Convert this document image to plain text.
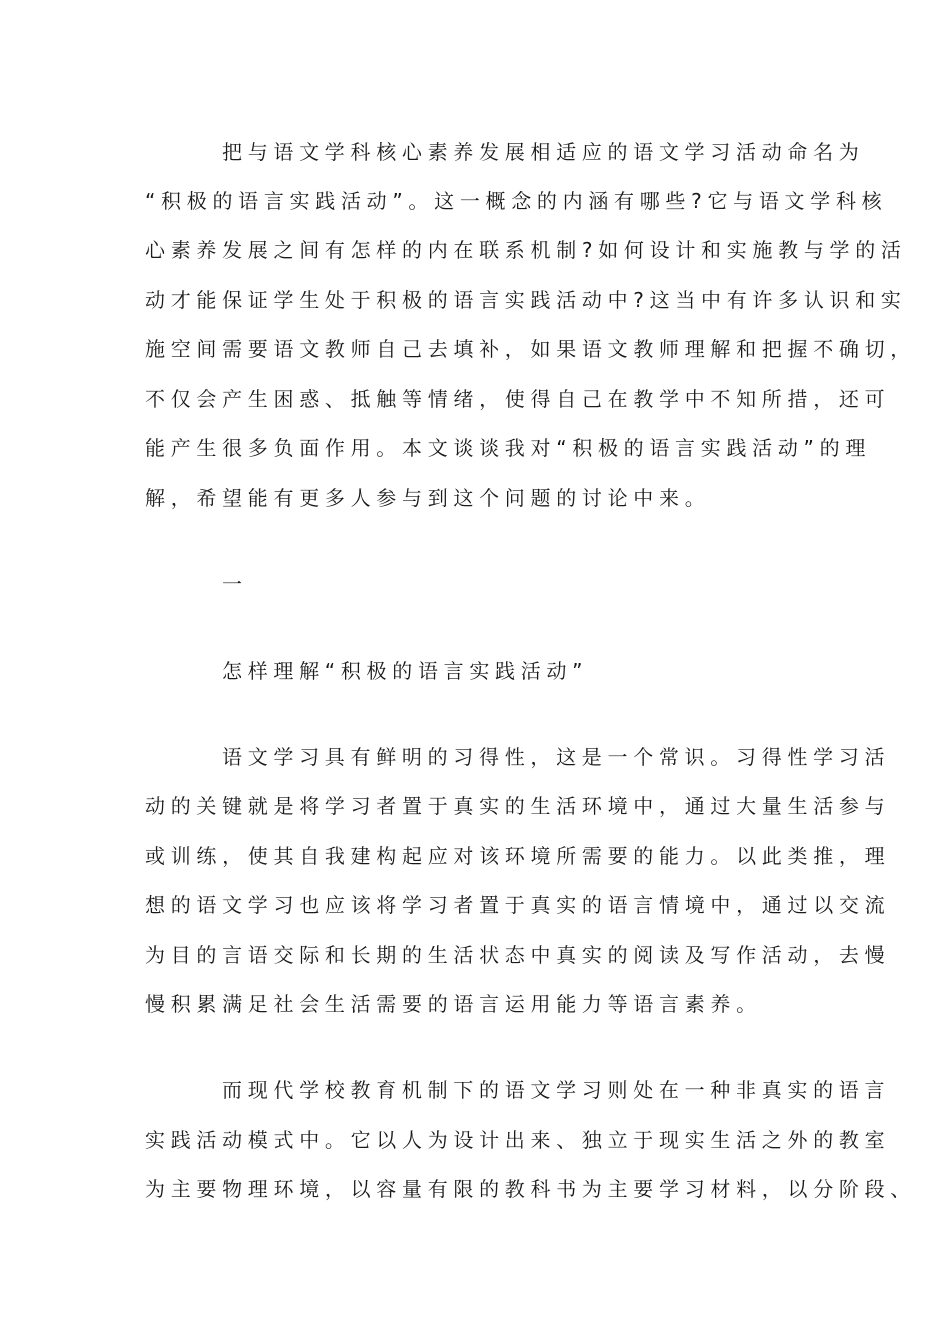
把与语文学科核心素养发展相适应的语文学习活动命名为
“积极的语言实践活动”。这一概念的内涵有哪些?它与语文学科核
心素养发展之间有怎样的内在联系机制?如何设计和实施教与学的活
动才能保证学生处于积极的语言实践活动中?这当中有许多认识和实
施空间需要语文教师自己去填补，如果语文教师理解和把握不确切，
不仅会产生困惑、抵触等情绪，使得自己在教学中不知所措，还可
能产生很多负面作用。本文谈谈我对“积极的语言实践活动”的理
解，希望能有更多人参与到这个问题的讨论中来。
一
怎样理解“积极的语言实践活动”
语文学习具有鲜明的习得性，这是一个常识。习得性学习活
动的关键就是将学习者置于真实的生活环境中，通过大量生活参与
或训练，使其自我建构起应对该环境所需要的能力。以此类推，理
想的语文学习也应该将学习者置于真实的语言情境中，通过以交流
为目的言语交际和长期的生活状态中真实的阅读及写作活动，去慢
慢积累满足社会生活需要的语言运用能力等语言素养。
而现代学校教育机制下的语文学习则处在一种非真实的语言
实践活动模式中。它以人为设计出来、独立于现实生活之外的教室
为主要物理环境，以容量有限的教科书为主要学习材料，以分阶段、
